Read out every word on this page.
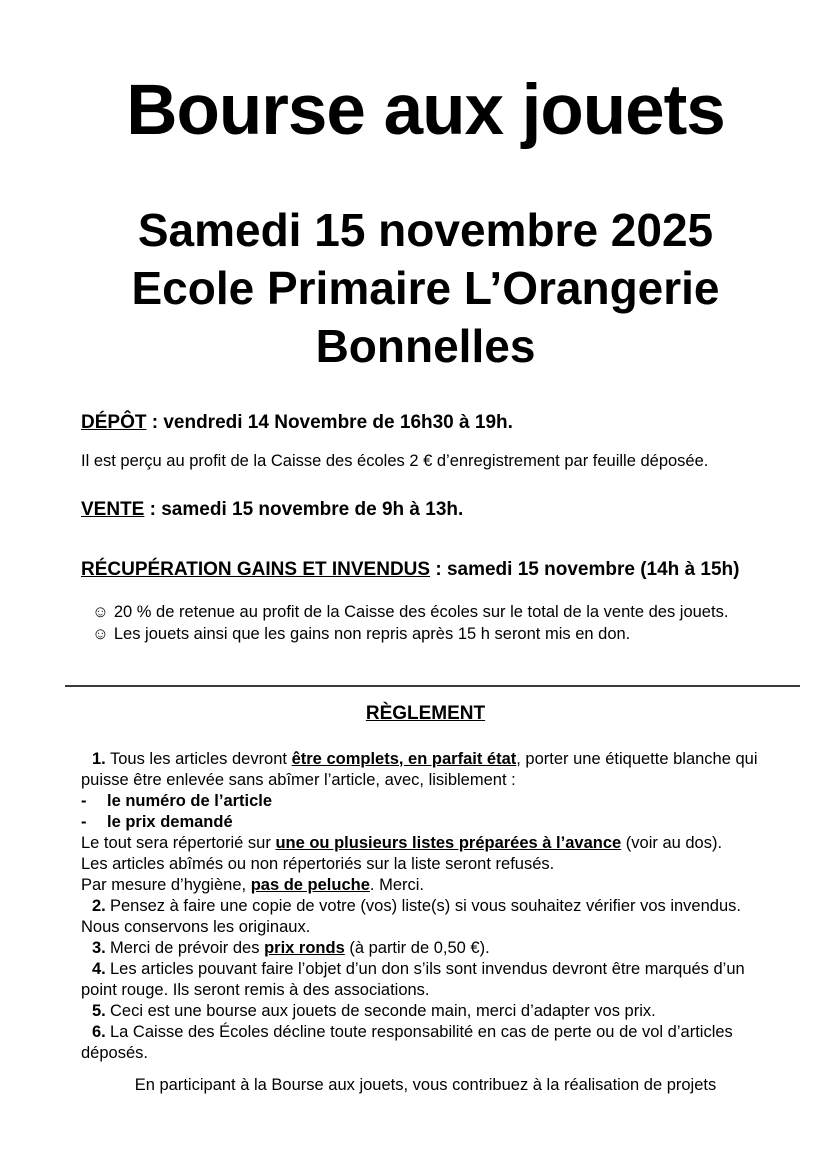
Bourse aux jouets
Samedi 15 novembre 2025
Ecole Primaire L’Orangerie
Bonnelles

DÉPÔT : vendredi 14 Novembre de 16h30 à 19h.

Il est perçu au profit de la Caisse des écoles 2 € d’enregistrement par feuille déposée.

VENTE : samedi 15 novembre de 9h à 13h.

RÉCUPÉRATION GAINS ET INVENDUS : samedi 15 novembre (14h à 15h)

☺ 20 % de retenue au profit de la Caisse des écoles sur le total de la vente des jouets.
☺ Les jouets ainsi que les gains non repris après 15 h seront mis en don.
RÈGLEMENT

1. Tous les articles devront être complets, en parfait état, porter une étiquette blanche qui puisse être enlevée sans abîmer l’article, avec, lisiblement :

- le numéro de l’article

- le prix demandé

Le tout sera répertorié sur une ou plusieurs listes préparées à l’avance (voir au dos).

Les articles abîmés ou non répertoriés sur la liste seront refusés.

Par mesure d’hygiène, pas de peluche. Merci.

2. Pensez à faire une copie de votre (vos) liste(s) si vous souhaitez vérifier vos invendus. Nous conservons les originaux.

3. Merci de prévoir des prix ronds (à partir de 0,50 €).

4. Les articles pouvant faire l’objet d’un don s’ils sont invendus devront être marqués d’un point rouge. Ils seront remis à des associations.

5. Ceci est une bourse aux jouets de seconde main, merci d’adapter vos prix.

6. La Caisse des Écoles décline toute responsabilité en cas de perte ou de vol d’articles déposés.

En participant à la Bourse aux jouets, vous contribuez à la réalisation de projets
